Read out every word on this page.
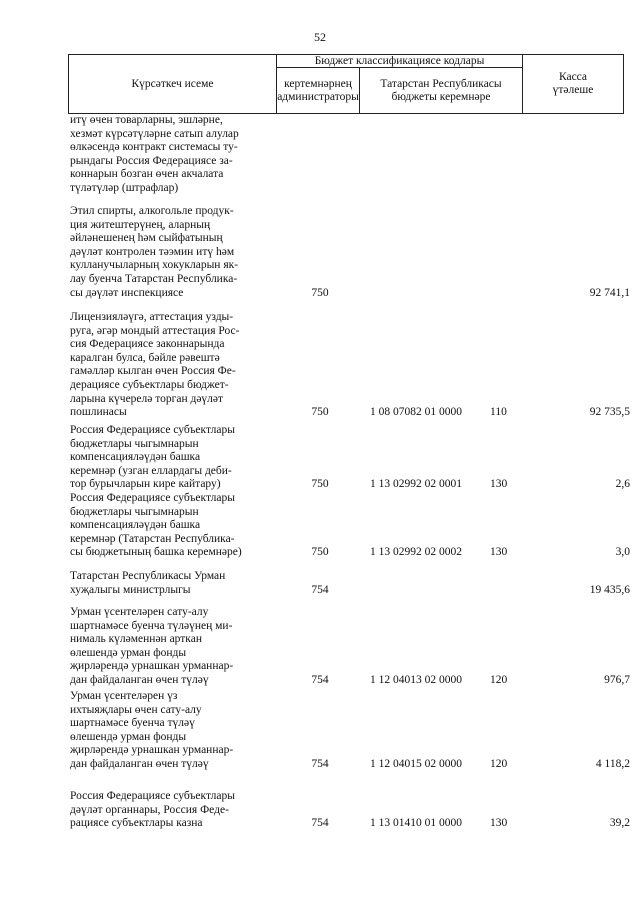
52
Күрсәткеч исеме
Бюджет классификациясе кодлары
кертемнәрнең администраторы
Татарстан Республикасы бюджеты керемнәре
Касса үтәлеше
итү өчен товарларны, эшләрне,
хезмәт күрсәтүләрне сатып алулар
өлкәсендә контракт системасы ту-
рындагы Россия Федерациясе за-
коннарын бозган өчен акчалата
түләтүләр (штрафлар)
Этил спирты, алкогольле продук-
ция житештерүнең, аларның
әйләнешенең һәм сыйфатының
дәүләт контролен тәэмин итү һәм
кулланучыларның хокукларын як-
лау буенча Татарстан Республика-
сы дәүләт инспекциясе	750	92 741,1
Лицензияләүгә, аттестация узды-
руга, әгәр мондый аттестация Рос-
сия Федерациясе законнарында
каралган булса, бәйле рәвештә
гамәлләр кылган өчен Россия Фе-
дерациясе субъектлары бюджет-
ларына күчерелә торган дәүләт
пошлинасы	750	1 08 07082 01 0000	110	92 735,5
Россия Федерациясе субъектлары
бюджетлары чыгымнарын
компенсацияләүдән башка
керемнәр (узган еллардагы деби-
тор бурычларын кире кайтару)	750	1 13 02992 02 0001	130	2,6
Россия Федерациясе субъектлары
бюджетлары чыгымнарын
компенсацияләүдән башка
керемнәр (Татарстан Республика-
сы бюджетының башка керемнәре)	750	1 13 02992 02 0002	130	3,0
Татарстан Республикасы Урман
хуҗалыгы министрлыгы	754	19 435,6
Урман үсентеләрен сату-алу
шартнамәсе буенча түләүнең ми-
нималь күләменнән арткан
өлешендә урман фонды
җирләрендә урнашкан урманнар-
дан файдаланган өчен түләү	754	1 12 04013 02 0000	120	976,7
Урман үсентеләрен үз
ихтыяҗлары өчен сату-алу
шартнамәсе буенча түләү
өлешендә урман фонды
җирләрендә урнашкан урманнар-
дан файдаланган өчен түләү	754	1 12 04015 02 0000	120	4 118,2
Россия Федерациясе субъектлары
дәүләт органнары, Россия Феде-
рациясе субъектлары казна	754	1 13 01410 01 0000	130	39,2
